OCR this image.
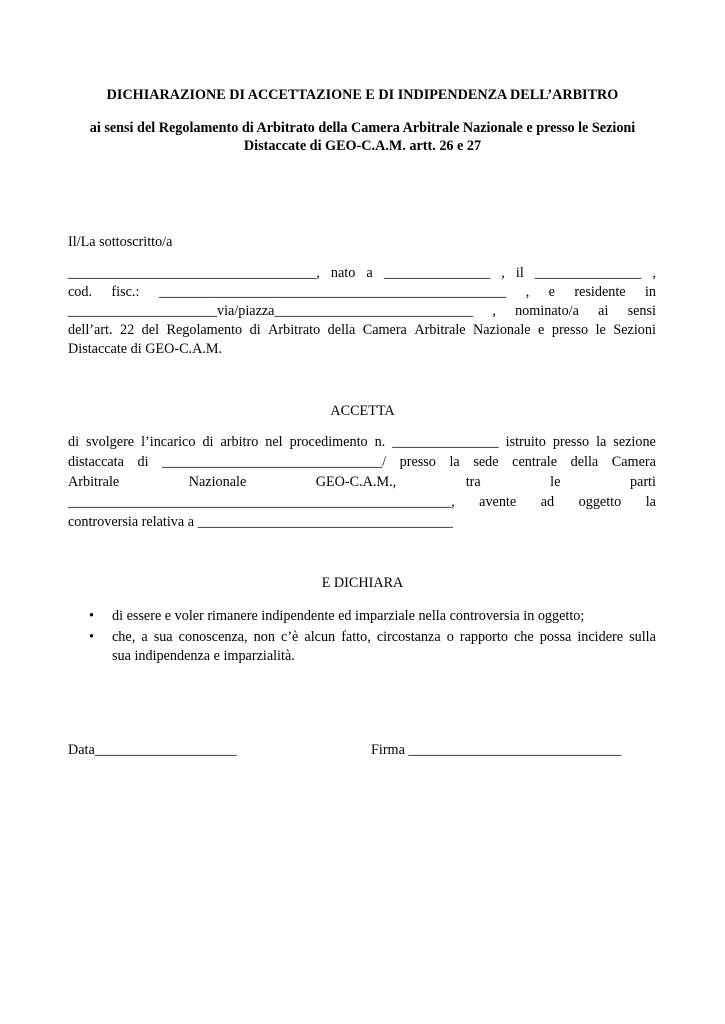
DICHIARAZIONE DI ACCETTAZIONE E DI INDIPENDENZA DELL’ARBITRO
ai sensi del Regolamento di Arbitrato della Camera Arbitrale Nazionale e presso le Sezioni
Distaccate di GEO-C.A.M. artt. 26 e 27
Il/La sottoscritto/a
___________________________________, nato a _______________ , il _______________ ,
cod. fisc.: _________________________________________________ , e residente in
_____________________via/piazza____________________________ , nominato/a ai sensi
dell’art. 22 del Regolamento di Arbitrato della Camera Arbitrale Nazionale e presso le Sezioni
Distaccate di GEO-C.A.M.
ACCETTA
di svolgere l’incarico di arbitro nel procedimento n. _______________ istruito presso la sezione
distaccata di _______________________________/ presso la sede centrale della Camera
Arbitrale	Nazionale	GEO-C.A.M.,	tra	le	parti
______________________________________________________, avente ad oggetto la
controversia relativa a ____________________________________
E DICHIARA
• di essere e voler rimanere indipendente ed imparziale nella controversia in oggetto;
• che, a sua conoscenza, non c’è alcun fatto, circostanza o rapporto che possa incidere sulla
sua indipendenza e imparzialità.
Data____________________	Firma ______________________________
